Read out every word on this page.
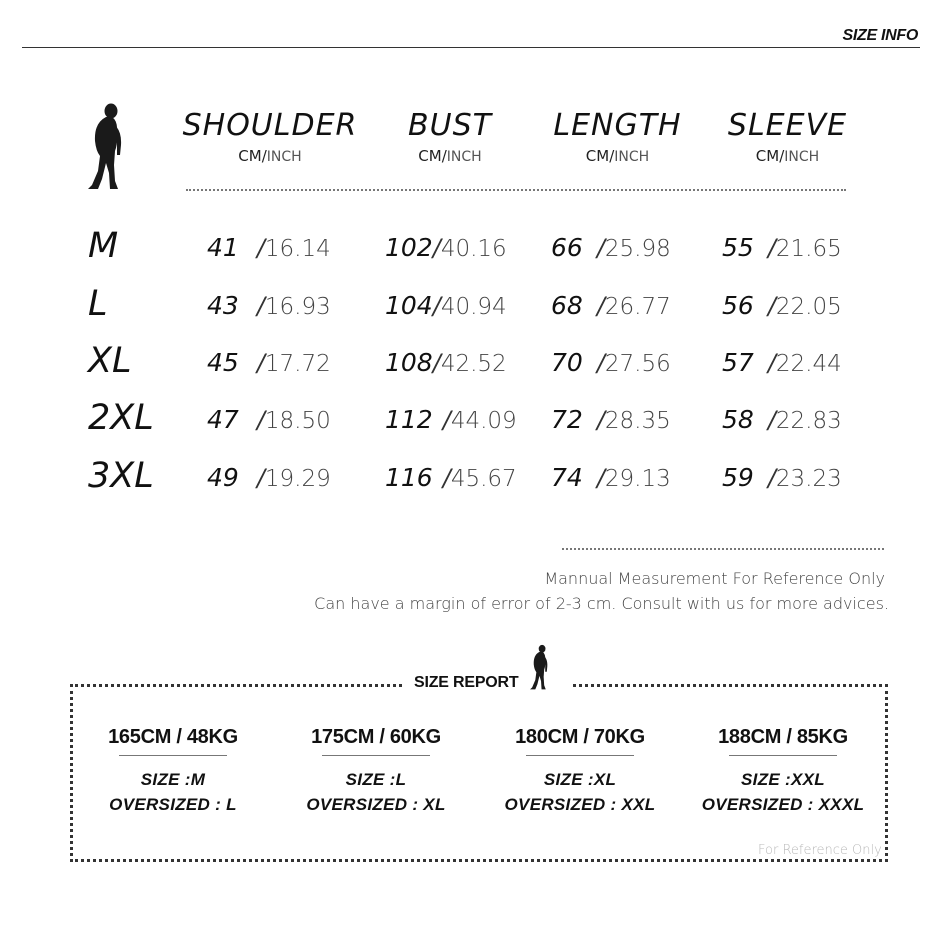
SIZE INFO
SHOULDER
CM/INCH
BUST
CM/INCH
LENGTH
CM/INCH
SLEEVE
CM/INCH
M
L
XL
2XL
3XL
41 /16.14 102/40.16 66 /25.98 55 /21.65
43 /16.93 104/40.94 68 /26.77 56 /22.05
45 /17.72 108/42.52 70 /27.56 57 /22.44
47 /18.50 112 /44.09 72 /28.35 58 /22.83
49 /19.29 116 /45.67 74 /29.13 59 /23.23
Mannual Measurement For Reference Only
Can have a margin of error of 2-3 cm. Consult with us for more advices.
SIZE REPORT
165CM / 48KG
SIZE :M
OVERSIZED : L
175CM / 60KG
SIZE :L
OVERSIZED : XL
180CM / 70KG
SIZE :XL
OVERSIZED : XXL
188CM / 85KG
SIZE :XXL
OVERSIZED : XXXL
For Reference Only
